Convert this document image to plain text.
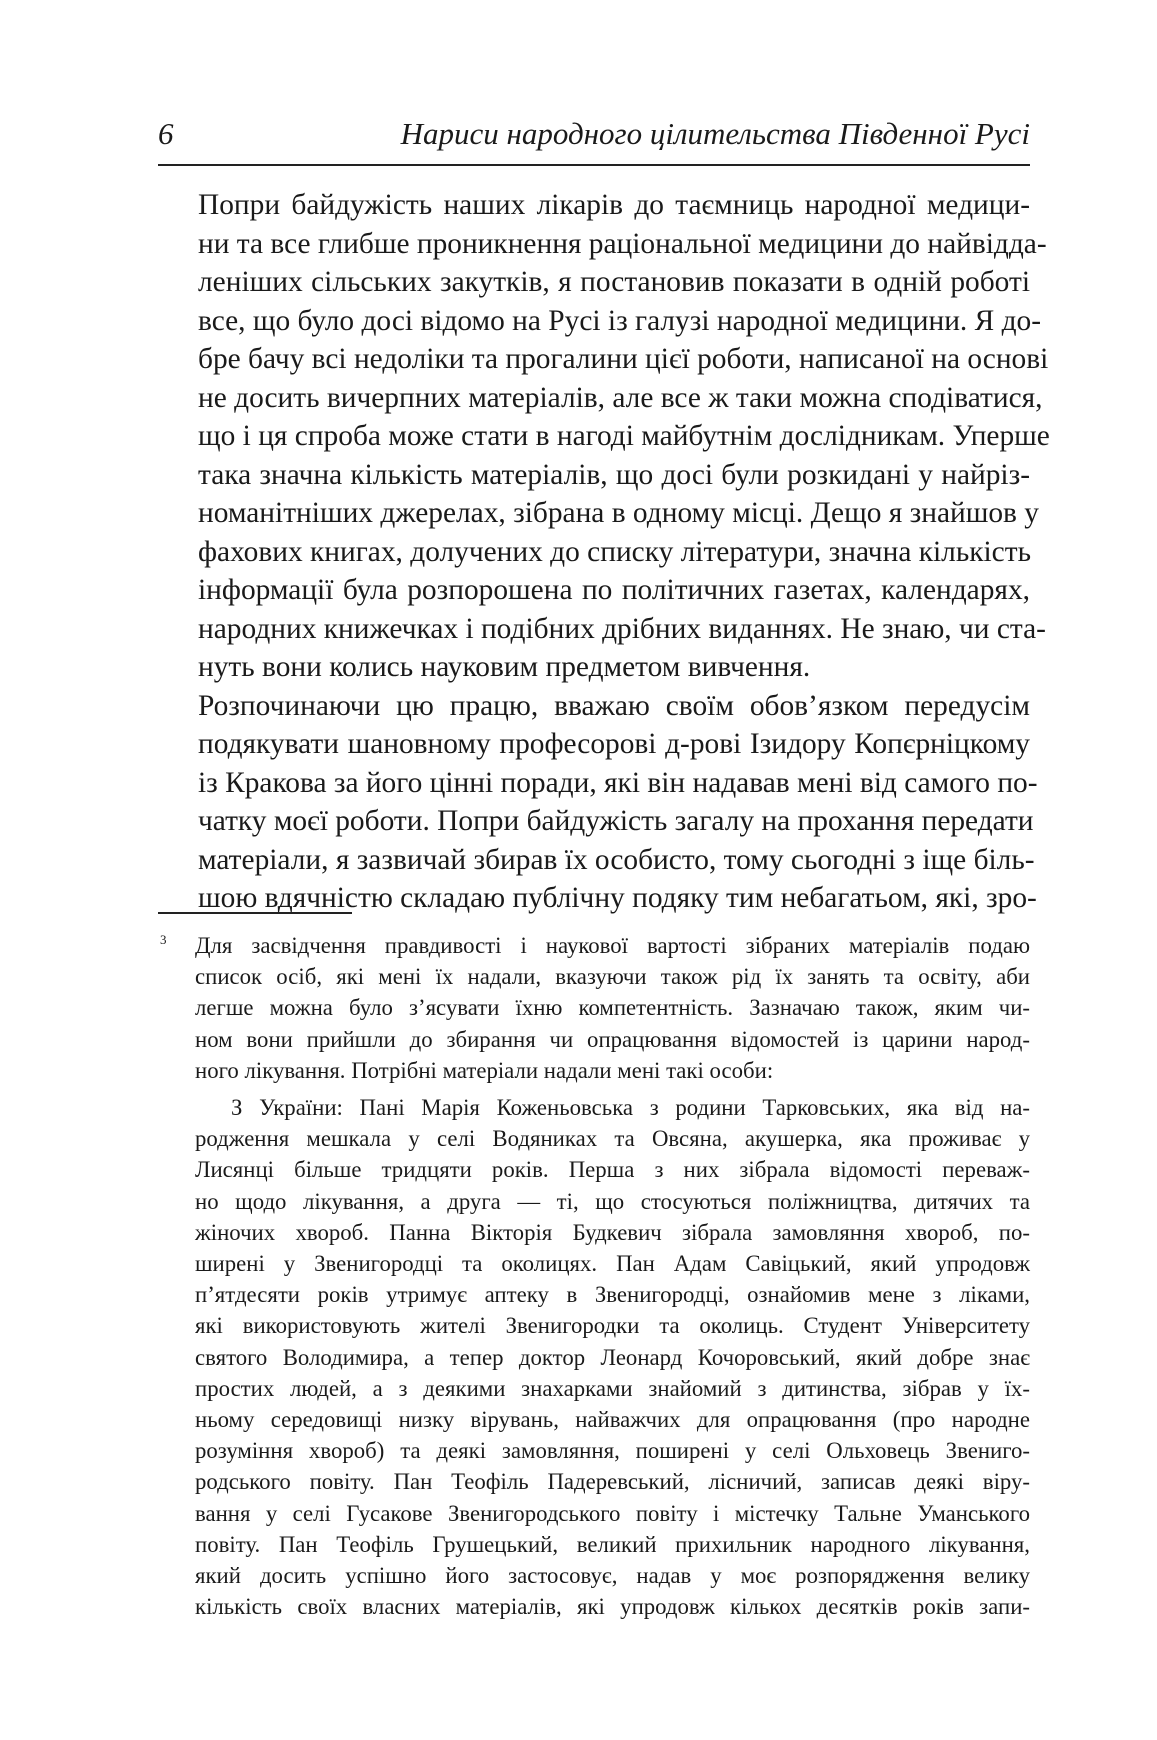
6	Нариси народного цілительства Південної Русі

Попри байдужість наших лікарів до таємниць народної медици-
ни та все глибше проникнення раціональної медицини до найвідда-
леніших сільських закутків, я постановив показати в одній роботі
все, що було досі відомо на Русі із галузі народної медицини. Я до-
бре бачу всі недоліки та прогалини цієї роботи, написаної на основі
не досить вичерпних матеріалів, але все ж таки можна сподіватися,
що і ця спроба може стати в нагоді майбутнім дослідникам. Уперше
така значна кількість матеріалів, що досі були розкидані у найріз-
номанітніших джерелах, зібрана в одному місці. Дещо я знайшов у
фахових книгах, долучених до списку літератури, значна кількість
інформації була розпорошена по політичних газетах, календарях,
народних книжечках і подібних дрібних виданнях. Не знаю, чи ста-
нуть вони колись науковим предметом вивчення.

Розпочинаючи цю працю, вважаю своїм обов’язком передусім
подякувати шановному професорові д-рові Ізидору Копєрніцкому
із Кракова за його цінні поради, які він надавав мені від самого по-
чатку моєї роботи. Попри байдужість загалу на прохання передати
матеріали, я зазвичай збирав їх особисто, тому сьогодні з іще біль-
шою вдячністю складаю публічну подяку тим небагатьом, які, зро-

3 Для засвідчення правдивості і наукової вартості зібраних матеріалів подаю
список осіб, які мені їх надали, вказуючи також рід їх занять та освіту, аби
легше можна було з’ясувати їхню компетентність. Зазначаю також, яким чи-
ном вони прийшли до збирання чи опрацювання відомостей із царини народ-
ного лікування. Потрібні матеріали надали мені такі особи:
З України: Пані Марія Коженьовська з родини Тарковських, яка від на-
родження мешкала у селі Водяниках та Овсяна, акушерка, яка проживає у
Лисянці більше тридцяти років. Перша з них зібрала відомості переваж-
но щодо лікування, а друга — ті, що стосуються поліжництва, дитячих та
жіночих хвороб. Панна Вікторія Будкевич зібрала замовляння хвороб, по-
ширені у Звенигородці та околицях. Пан Адам Савіцький, який упродовж
п’ятдесяти років утримує аптеку в Звенигородці, ознайомив мене з ліками,
які використовують жителі Звенигородки та околиць. Студент Університету
святого Володимира, а тепер доктор Леонард Кочоровський, який добре знає
простих людей, а з деякими знахарками знайомий з дитинства, зібрав у їх-
ньому середовищі низку вірувань, найважчих для опрацювання (про народне
розуміння хвороб) та деякі замовляння, поширені у селі Ольховець Звениго-
родського повіту. Пан Теофіль Падеревський, лісничий, записав деякі віру-
вання у селі Гусакове Звенигородського повіту і містечку Тальне Уманського
повіту. Пан Теофіль Грушецький, великий прихильник народного лікування,
який досить успішно його застосовує, надав у моє розпорядження велику
кількість своїх власних матеріалів, які упродовж кількох десятків років запи-
